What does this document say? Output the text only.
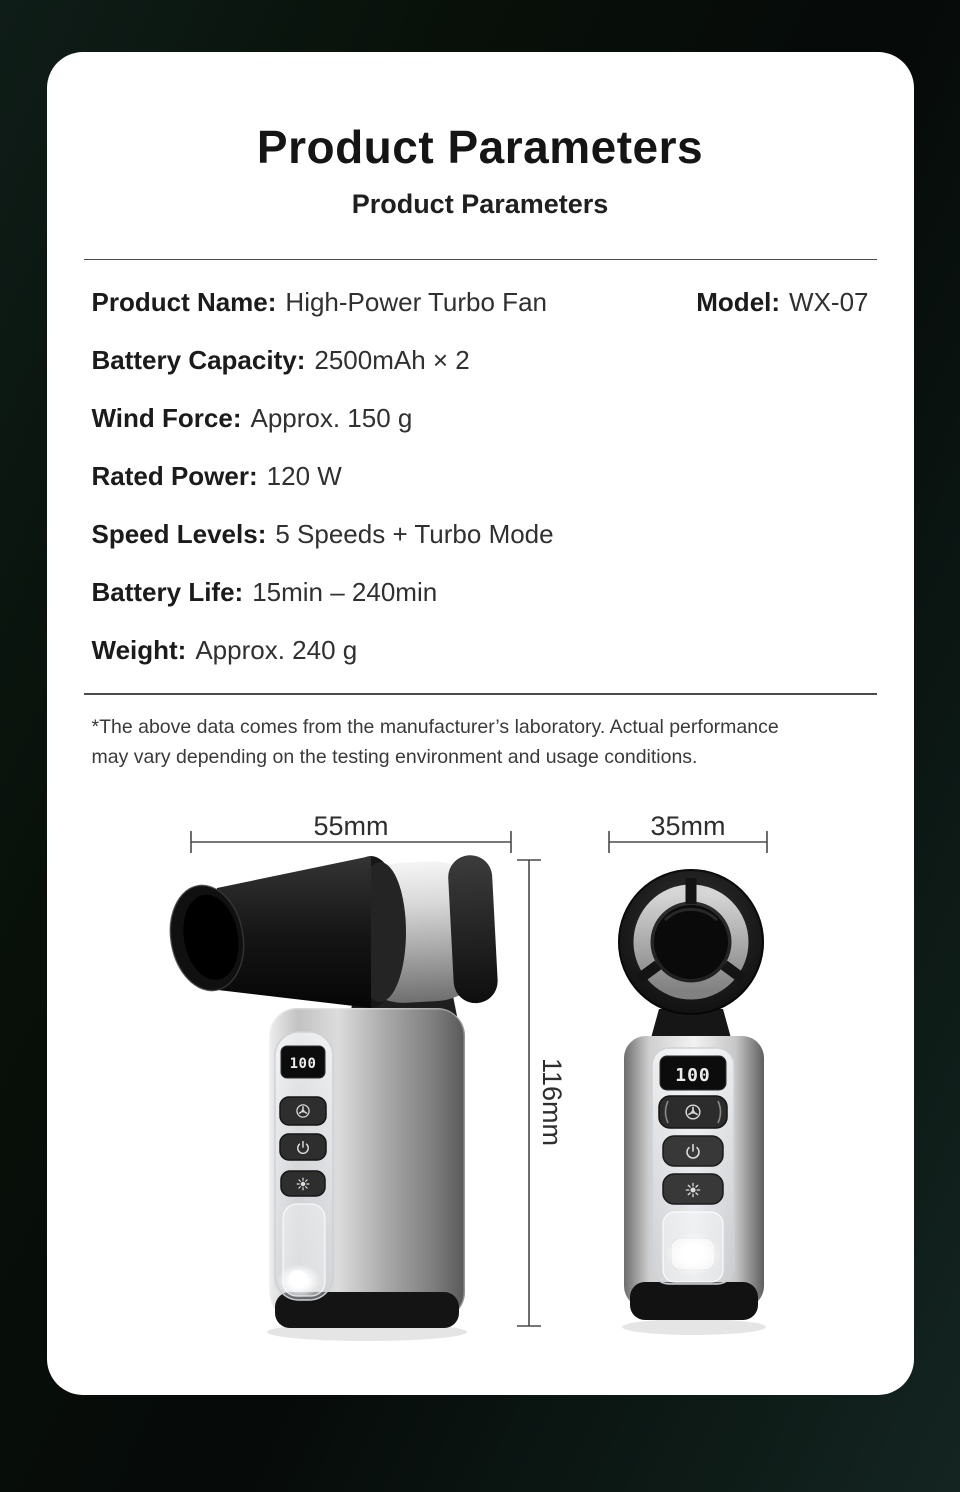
Product Parameters
Product Parameters
Product Name: High-Power Turbo Fan	Model: WX-07
Battery Capacity: 2500mAh × 2
Wind Force: Approx. 150 g
Rated Power: 120 W
Speed Levels: 5 Speeds + Turbo Mode
Battery Life: 15min – 240min
Weight: Approx. 240 g

*The above data comes from the manufacturer’s laboratory. Actual performance
may vary depending on the testing environment and usage conditions.

100
100
55mm	35mm
116mm
